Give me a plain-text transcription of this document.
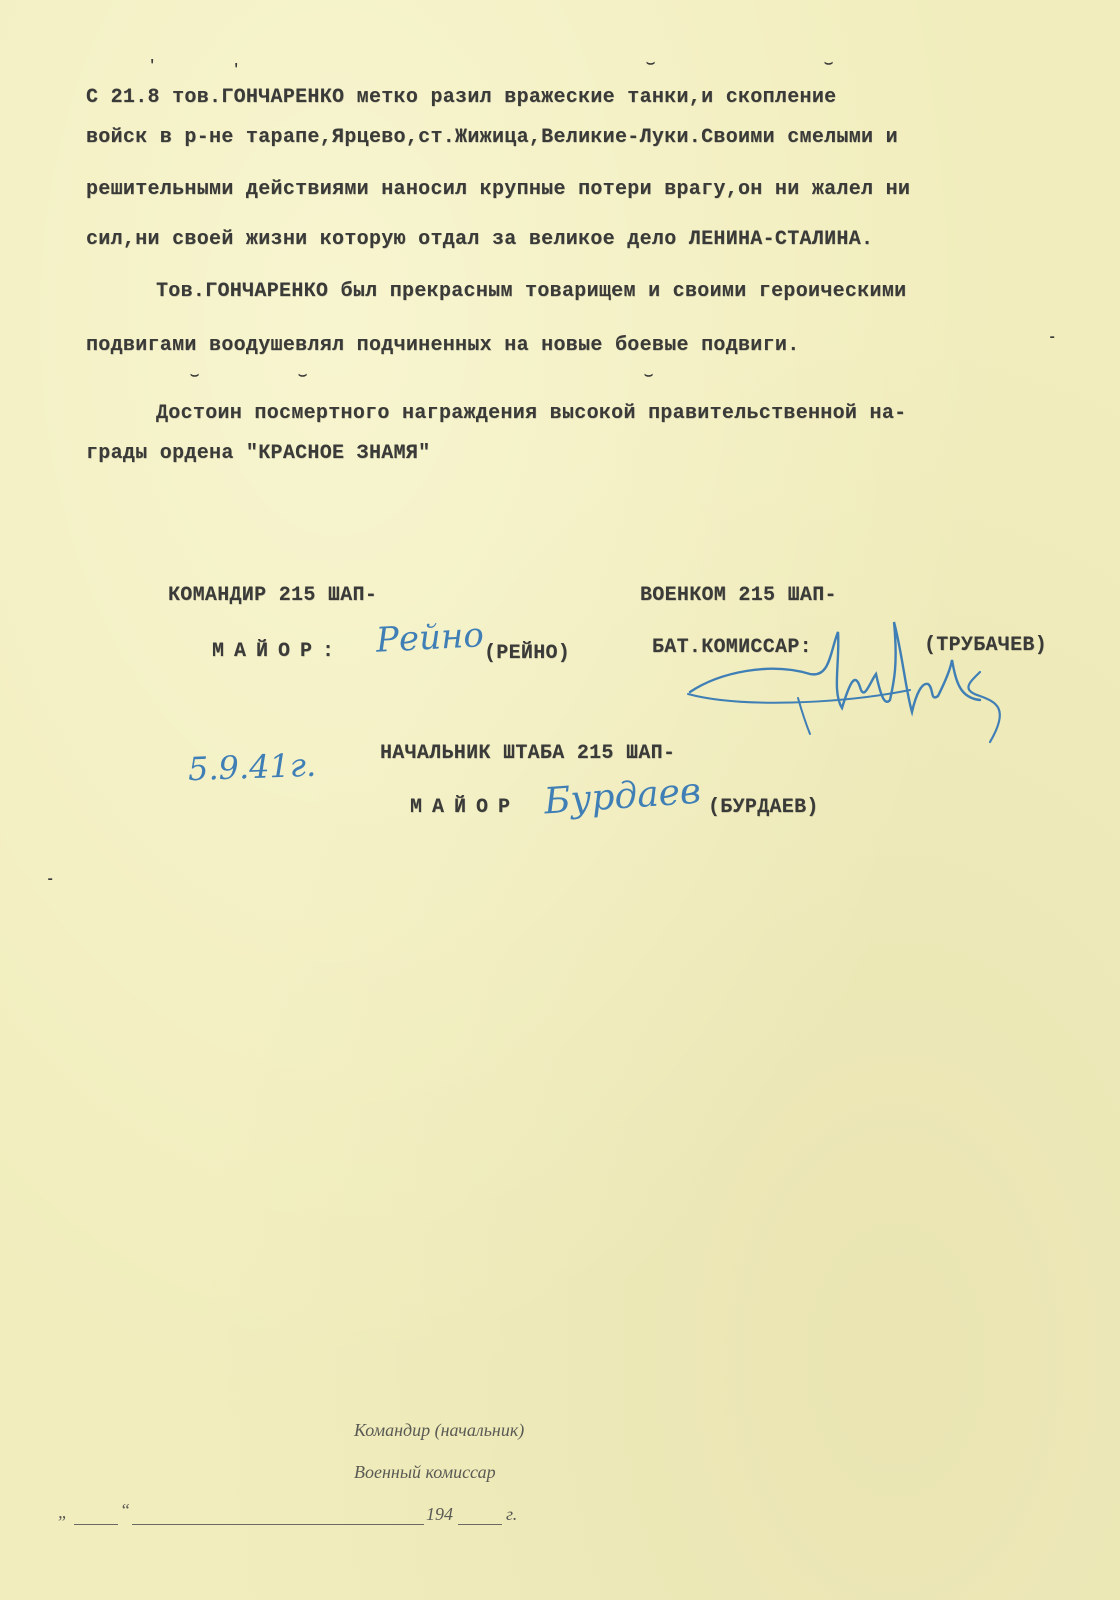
С 21.8 тов.ГОНЧАРЕНКО метко разил вражеские танки,и скопление
войск в р-не тарапе,Ярцево,ст.Жижица,Великие-Луки.Своими смелыми и
решительными действиями наносил крупные потери врагу,он ни жалел ни
сил,ни своей жизни которую отдал за великое дело ЛЕНИНА-СТАЛИНА.
Тов.ГОНЧАРЕНКО был прекрасным товарищем и своими героическими
подвигами воодушевлял подчиненных на новые боевые подвиги.
Достоин посмертного награждения высокой правительственной на-
грады ордена "КРАСНОЕ ЗНАМЯ"
КОМАНДИР 215 ШАП-
МАЙОР: Рейно (РЕЙНО)
ВОЕНКОМ 215 ШАП-
БАТ.КОМИССАР:	(ТРУБАЧЕВ)
5.9.41г.	НАЧАЛЬНИК ШТАБА 215 ШАП-
МАЙОР Бурдаев (БУРДАЕВ)
'	'	⌣	⌣
⌣	⌣	⌣
-
-
Командир (начальник)
Военный комиссар
„	“	194	г.
